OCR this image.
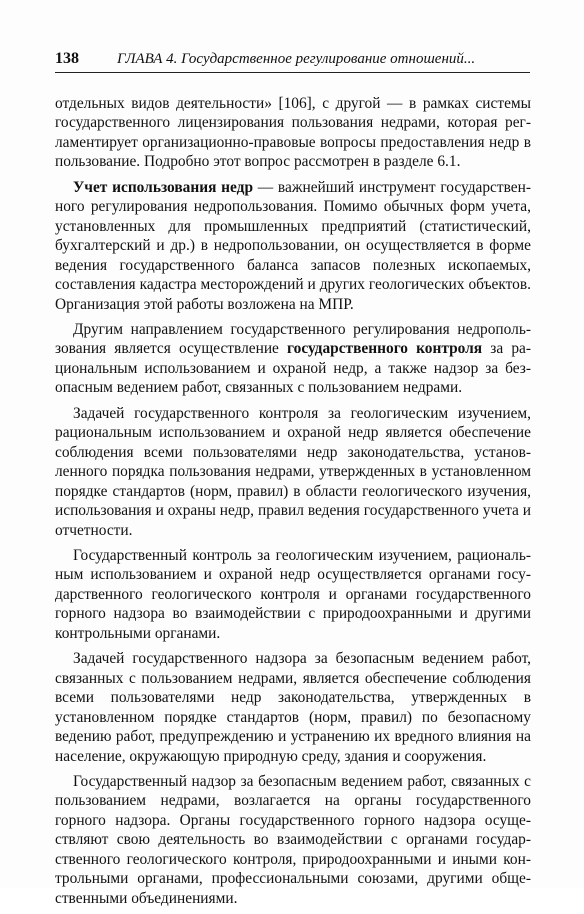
138	ГЛАВА 4. Государственное регулирование отношений...

отдельных видов деятельности» [106], с другой — в рамках системы государственного лицензирования пользования недрами, которая регламентирует организационно-правовые вопросы предоставления недр в пользование. Подробно этот вопрос рассмотрен в разделе 6.1.

Учет использования недр — важнейший инструмент государственного регулирования недропользования. Помимо обычных форм учета, установленных для промышленных предприятий (статистический, бухгалтерский и др.) в недропользовании, он осуществляется в форме ведения государственного баланса запасов полезных ископаемых, составления кадастра месторождений и других геологических объектов. Организация этой работы возложена на МПР.

Другим направлением государственного регулирования недропользования является осуществление государственного контроля за рациональным использованием и охраной недр, а также надзор за безопасным ведением работ, связанных с пользованием недрами.

Задачей государственного контроля за геологическим изучением, рациональным использованием и охраной недр является обеспечение соблюдения всеми пользователями недр законодательства, установленного порядка пользования недрами, утвержденных в установленном порядке стандартов (норм, правил) в области геологического изучения, использования и охраны недр, правил ведения государственного учета и отчетности.

Государственный контроль за геологическим изучением, рациональным использованием и охраной недр осуществляется органами государственного геологического контроля и органами государственного горного надзора во взаимодействии с природоохранными и другими контрольными органами.

Задачей государственного надзора за безопасным ведением работ, связанных с пользованием недрами, является обеспечение соблюдения всеми пользователями недр законодательства, утвержденных в установленном порядке стандартов (норм, правил) по безопасному ведению работ, предупреждению и устранению их вредного влияния на население, окружающую природную среду, здания и сооружения.

Государственный надзор за безопасным ведением работ, связанных с пользованием недрами, возлагается на органы государственного горного надзора. Органы государственного горного надзора осуществляют свою деятельность во взаимодействии с органами государственного геологического контроля, природоохранными и иными контрольными органами, профессиональными союзами, другими общественными объединениями.
